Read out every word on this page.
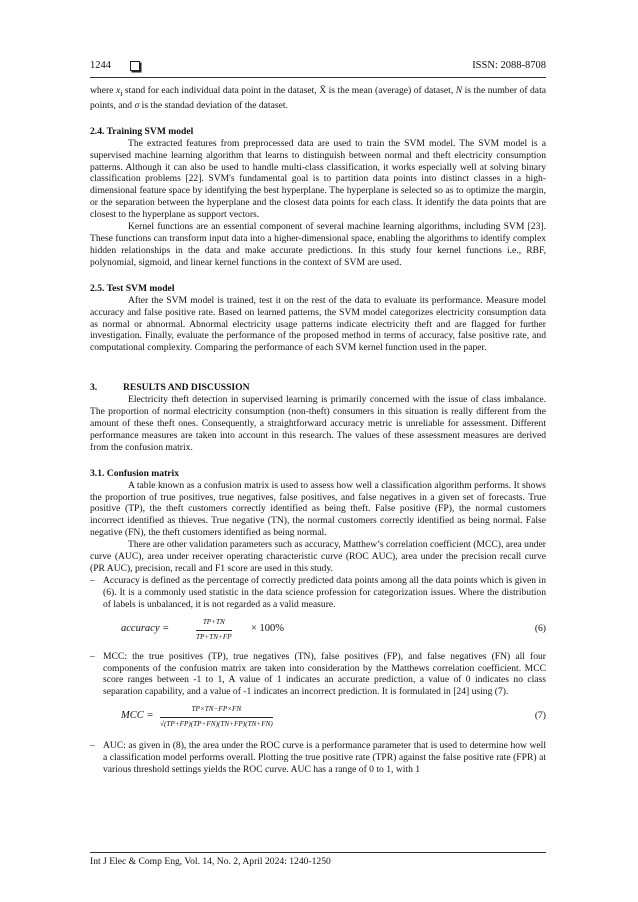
1244	ISSN: 2088-8708

where $x_i$ stand for each individual data point in the dataset, X̄ is the mean (average) of dataset, N is the number of data points, and σ is the standad deviation of the dataset.

2.4. Training SVM model

The extracted features from preprocessed data are used to train the SVM model. The SVM model is a supervised machine learning algorithm that learns to distinguish between normal and theft electricity consumption patterns. Although it can also be used to handle multi-class classification, it works especially well at solving binary classification problems [22]. SVM's fundamental goal is to partition data points into distinct classes in a high-dimensional feature space by identifying the best hyperplane. The hyperplane is selected so as to optimize the margin, or the separation between the hyperplane and the closest data points for each class. It identify the data points that are closest to the hyperplane as support vectors.

Kernel functions are an essential component of several machine learning algorithms, including SVM [23]. These functions can transform input data into a higher-dimensional space, enabling the algorithms to identify complex hidden relationships in the data and make accurate predictions. In this study four kernel functions i.e., RBF, polynomial, sigmoid, and linear kernel functions in the context of SVM are used.

2.5. Test SVM model

After the SVM model is trained, test it on the rest of the data to evaluate its performance. Measure model accuracy and false positive rate. Based on learned patterns, the SVM model categorizes electricity consumption data as normal or abnormal. Abnormal electricity usage patterns indicate electricity theft and are flagged for further investigation. Finally, evaluate the performance of the proposed method in terms of accuracy, false positive rate, and computational complexity. Comparing the performance of each SVM kernel function used in the paper.

3.	RESULTS AND DISCUSSION

Electricity theft detection in supervised learning is primarily concerned with the issue of class imbalance. The proportion of normal electricity consumption (non-theft) consumers in this situation is really different from the amount of these theft ones. Consequently, a straightforward accuracy metric is unreliable for assessment. Different performance measures are taken into account in this research. The values of these assessment measures are derived from the confusion matrix.

3.1. Confusion matrix

A table known as a confusion matrix is used to assess how well a classification algorithm performs. It shows the proportion of true positives, true negatives, false positives, and false negatives in a given set of forecasts. True positive (TP), the theft customers correctly identified as being theft. False positive (FP), the normal customers incorrect identified as thieves. True negative (TN), the normal customers correctly identified as being normal. False negative (FN), the theft customers identified as being normal.

There are other validation parameters such as accuracy, Matthew’s correlation coefficient (MCC), area under curve (AUC), area under receiver operating characteristic curve (ROC AUC), area under the precision recall curve (PR AUC), precision, recall and F1 score are used in this study.

– Accuracy is defined as the percentage of correctly predicted data points among all the data points which is given in (6). It is a commonly used statistic in the data science profession for categorization issues. Where the distribution of labels is unbalanced, it is not regarded as a valid measure.
accuracy =	$\frac{TP+TN}{TP+TN+FP} \times 100\%$	(6)
– MCC: the true positives (TP), true negatives (TN), false positives (FP), and false negatives (FN) all four components of the confusion matrix are taken into consideration by the Matthews correlation coefficient. MCC score ranges between -1 to 1, A value of 1 indicates an accurate prediction, a value of 0 indicates no class separation capability, and a value of -1 indicates an incorrect prediction. It is formulated in [24] using (7).
MCC = $\frac{TP\times TN-FP\times FN}{√(TP+FP)(TP+FN)(TN+FP)(TN+FN)}$	(7)
– AUC: as given in (8), the area under the ROC curve is a performance parameter that is used to determine how well a classification model performs overall. Plotting the true positive rate (TPR) against the false positive rate (FPR) at various threshold settings yields the ROC curve. AUC has a range of 0 to 1, with 1
Int J Elec & Comp Eng, Vol. 14, No. 2, April 2024: 1240-1250
